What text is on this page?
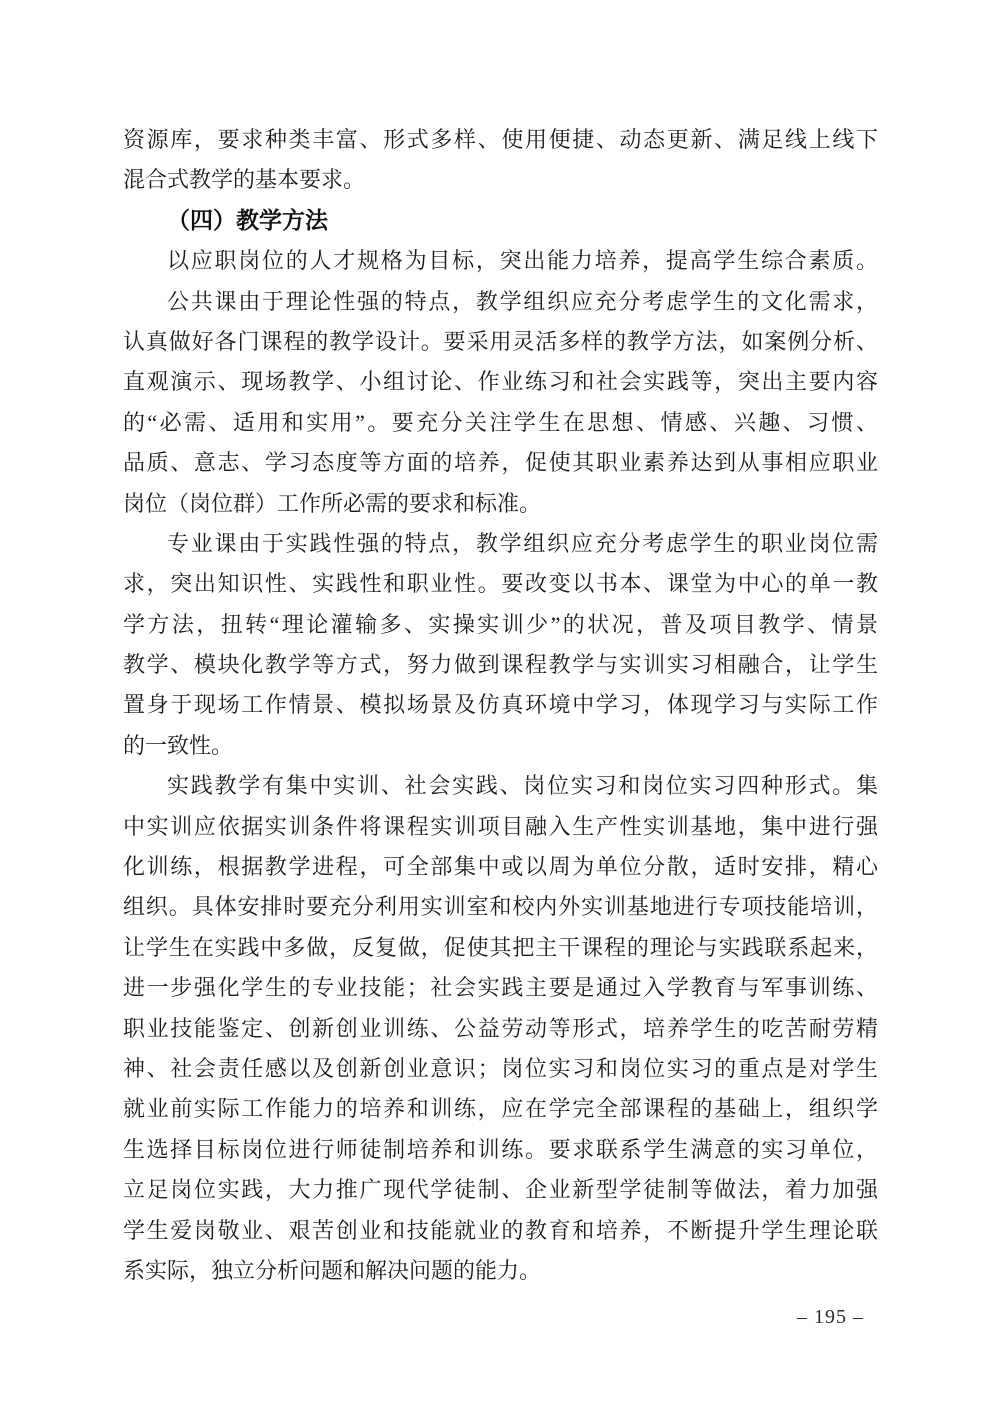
资源库，要求种类丰富、形式多样、使用便捷、动态更新、满足线上线下
混合式教学的基本要求。
（四）教学方法
以应职岗位的人才规格为目标，突出能力培养，提高学生综合素质。
公共课由于理论性强的特点，教学组织应充分考虑学生的文化需求，
认真做好各门课程的教学设计。要采用灵活多样的教学方法，如案例分析、
直观演示、现场教学、小组讨论、作业练习和社会实践等，突出主要内容
的“必需、适用和实用”。要充分关注学生在思想、情感、兴趣、习惯、
品质、意志、学习态度等方面的培养，促使其职业素养达到从事相应职业
岗位（岗位群）工作所必需的要求和标准。
专业课由于实践性强的特点，教学组织应充分考虑学生的职业岗位需
求，突出知识性、实践性和职业性。要改变以书本、课堂为中心的单一教
学方法，扭转“理论灌输多、实操实训少”的状况，普及项目教学、情景
教学、模块化教学等方式，努力做到课程教学与实训实习相融合，让学生
置身于现场工作情景、模拟场景及仿真环境中学习，体现学习与实际工作
的一致性。
实践教学有集中实训、社会实践、岗位实习和岗位实习四种形式。集
中实训应依据实训条件将课程实训项目融入生产性实训基地，集中进行强
化训练，根据教学进程，可全部集中或以周为单位分散，适时安排，精心
组织。具体安排时要充分利用实训室和校内外实训基地进行专项技能培训，
让学生在实践中多做，反复做，促使其把主干课程的理论与实践联系起来，
进一步强化学生的专业技能；社会实践主要是通过入学教育与军事训练、
职业技能鉴定、创新创业训练、公益劳动等形式，培养学生的吃苦耐劳精
神、社会责任感以及创新创业意识；岗位实习和岗位实习的重点是对学生
就业前实际工作能力的培养和训练，应在学完全部课程的基础上，组织学
生选择目标岗位进行师徒制培养和训练。要求联系学生满意的实习单位，
立足岗位实践，大力推广现代学徒制、企业新型学徒制等做法，着力加强
学生爱岗敬业、艰苦创业和技能就业的教育和培养，不断提升学生理论联
系实际，独立分析问题和解决问题的能力。
– 195 –
